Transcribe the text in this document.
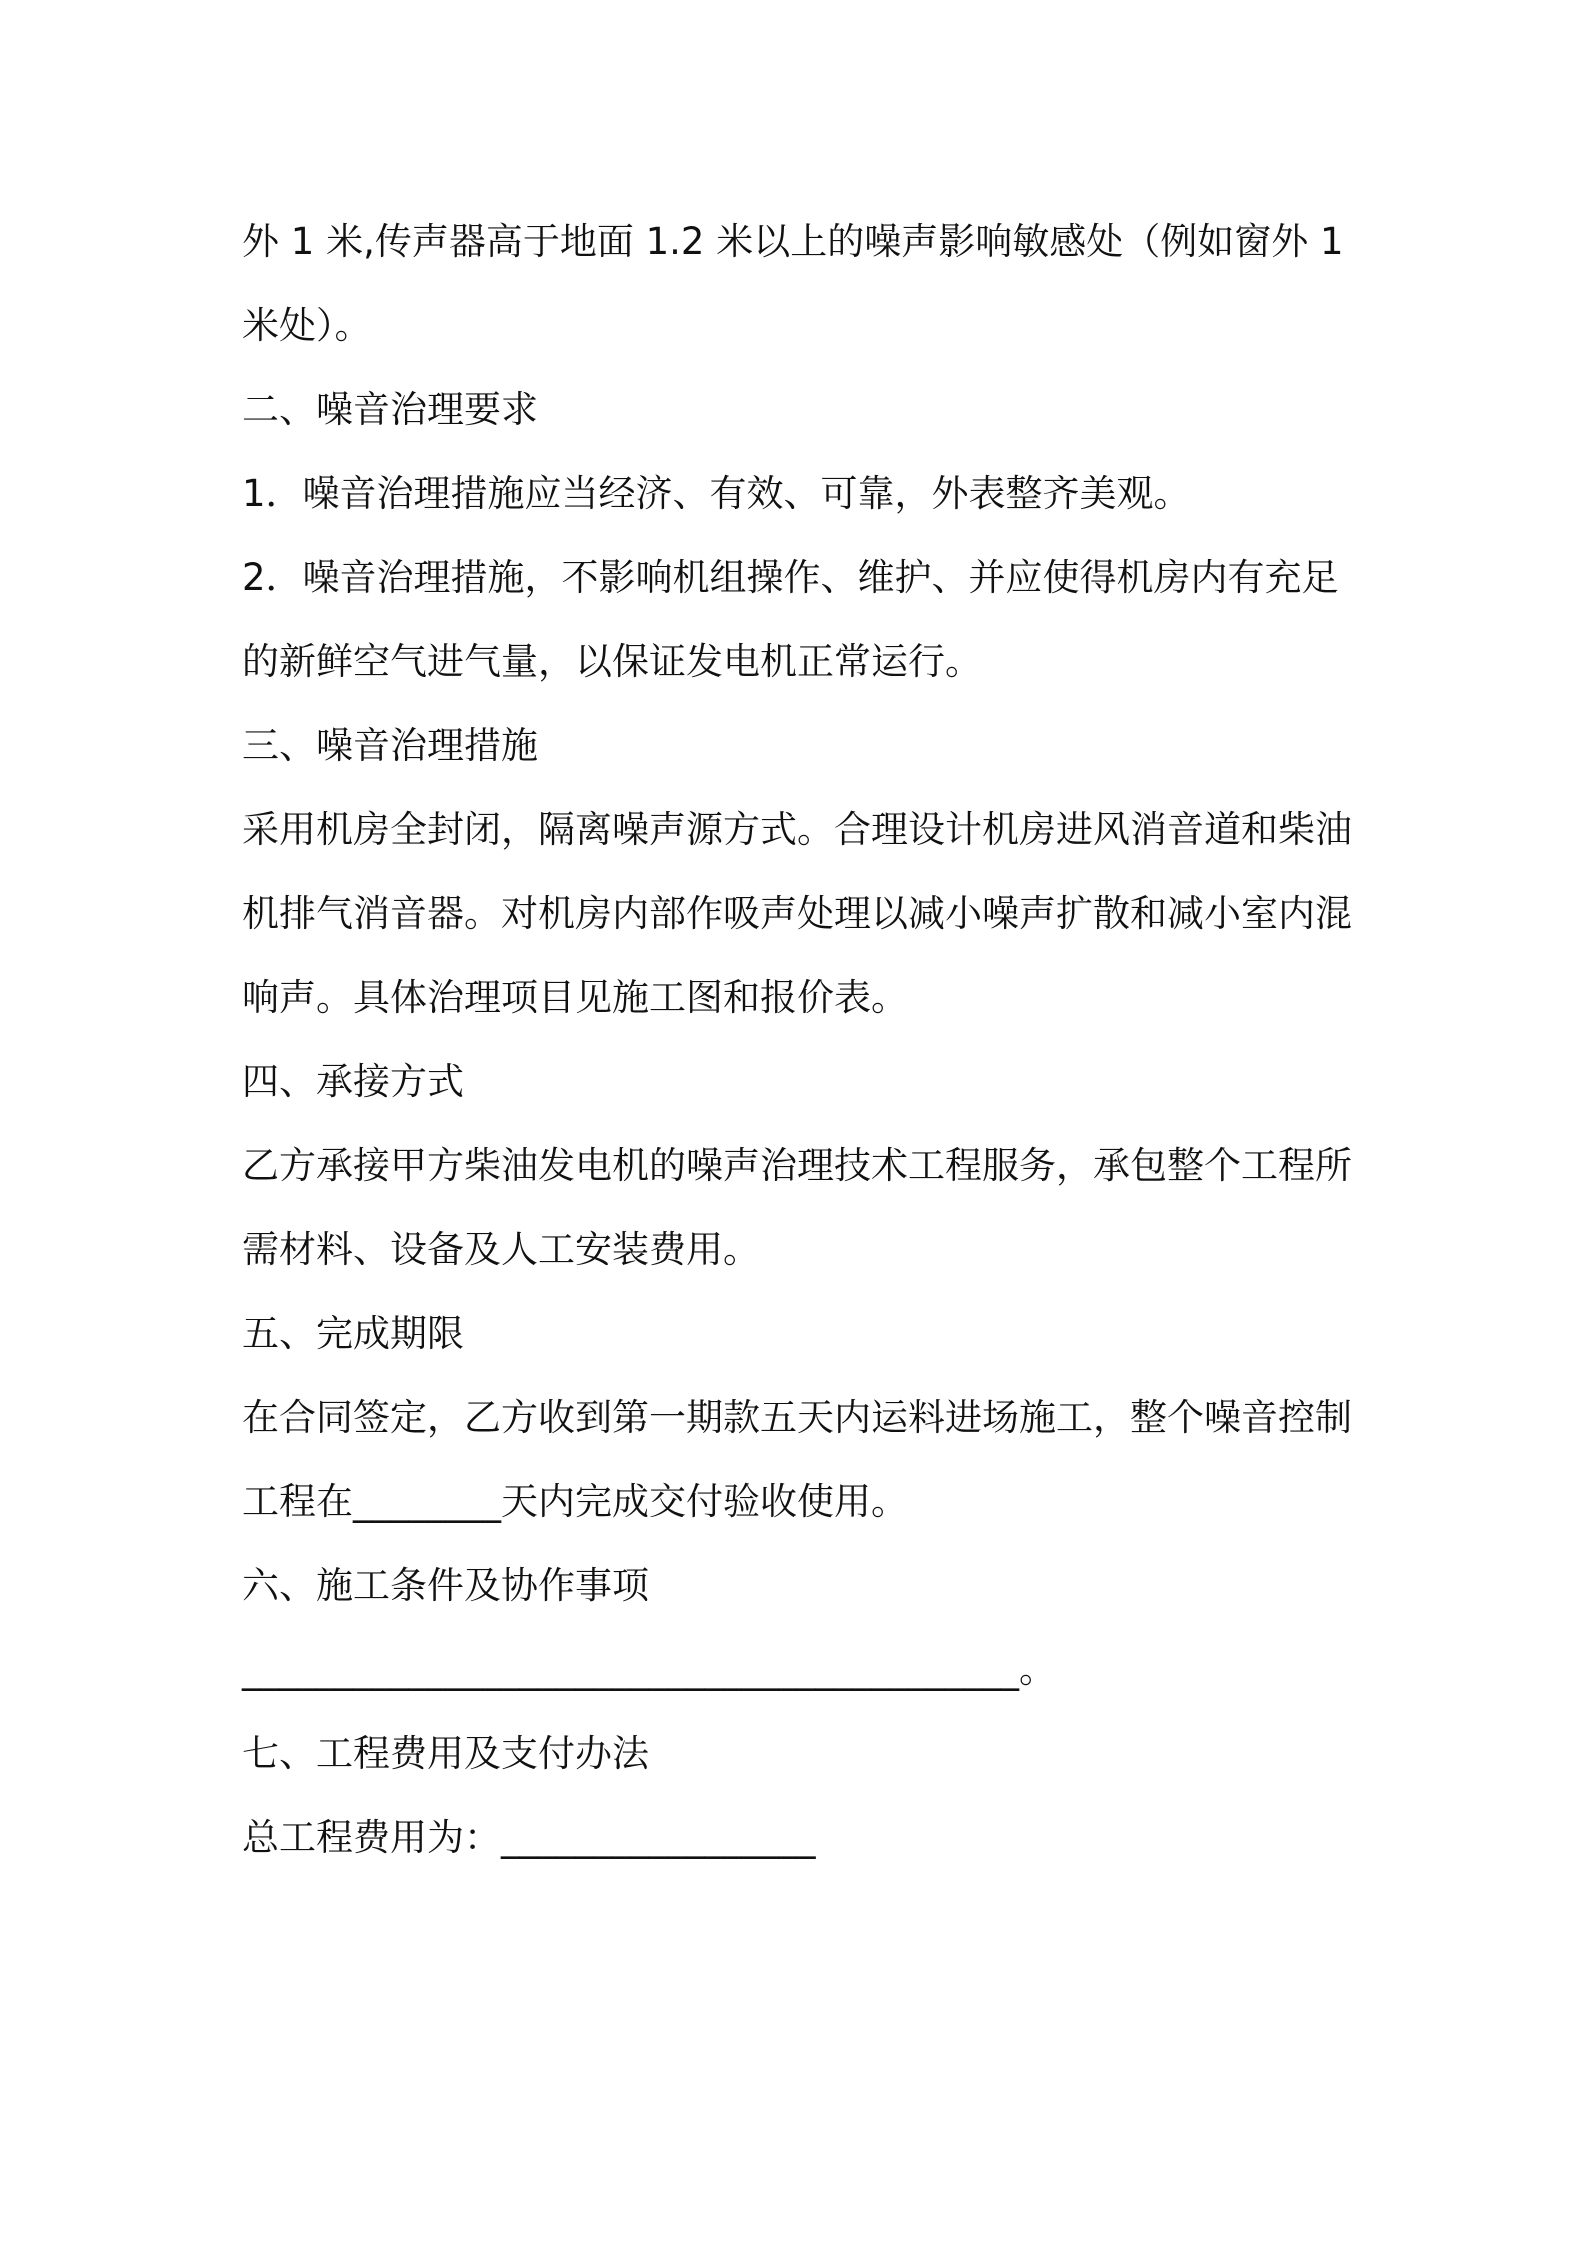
外 1 米,传声器高于地面 1.2 米以上的噪声影响敏感处（例如窗外 1
米处）。
二、噪音治理要求
1．噪音治理措施应当经济、有效、可靠，外表整齐美观。
2．噪音治理措施，不影响机组操作、维护、并应使得机房内有充足
的新鲜空气进气量，以保证发电机正常运行。
三、噪音治理措施
采用机房全封闭，隔离噪声源方式。合理设计机房进风消音道和柴油
机排气消音器。对机房内部作吸声处理以减小噪声扩散和减小室内混
响声。具体治理项目见施工图和报价表。
四、承接方式
乙方承接甲方柴油发电机的噪声治理技术工程服务，承包整个工程所
需材料、设备及人工安装费用。
五、完成期限
在合同签定，乙方收到第一期款五天内运料进场施工，整个噪音控制
工程在________天内完成交付验收使用。
六、施工条件及协作事项
__________________________________________。
七、工程费用及支付办法
总工程费用为：_________________
